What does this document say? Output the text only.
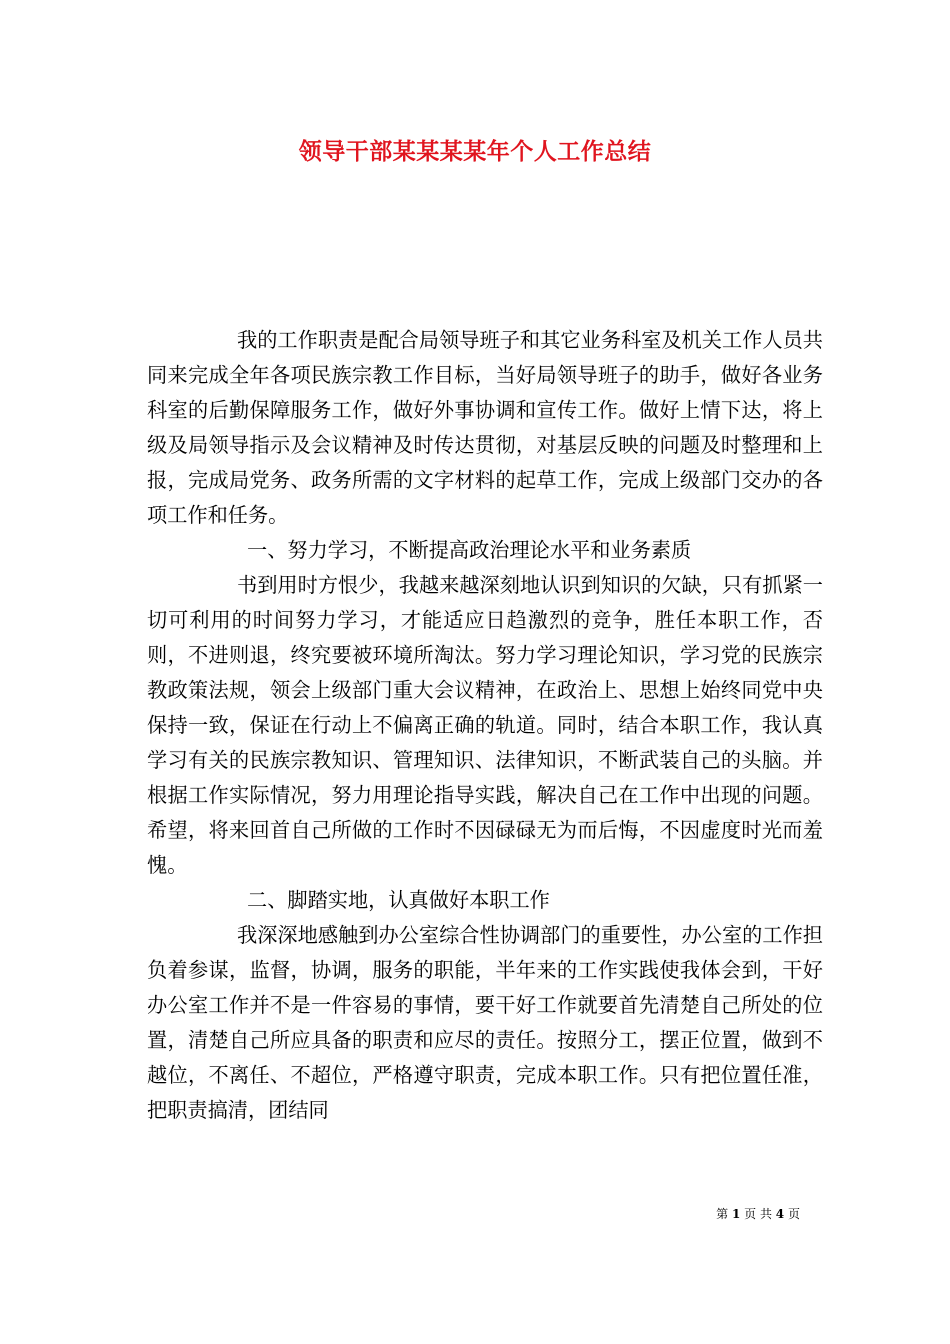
领导干部某某某某年个人工作总结

我的工作职责是配合局领导班子和其它业务科室及机关工作人员共同来完成全年各项民族宗教工作目标，当好局领导班子的助手，做好各业务科室的后勤保障服务工作，做好外事协调和宣传工作。做好上情下达，将上级及局领导指示及会议精神及时传达贯彻，对基层反映的问题及时整理和上报，完成局党务、政务所需的文字材料的起草工作，完成上级部门交办的各项工作和任务。

一、努力学习，不断提高政治理论水平和业务素质

书到用时方恨少，我越来越深刻地认识到知识的欠缺，只有抓紧一切可利用的时间努力学习，才能适应日趋激烈的竞争，胜任本职工作，否则，不进则退，终究要被环境所淘汰。努力学习理论知识，学习党的民族宗教政策法规，领会上级部门重大会议精神，在政治上、思想上始终同党中央保持一致，保证在行动上不偏离正确的轨道。同时，结合本职工作，我认真学习有关的民族宗教知识、管理知识、法律知识，不断武装自己的头脑。并根据工作实际情况，努力用理论指导实践，解决自己在工作中出现的问题。希望，将来回首自己所做的工作时不因碌碌无为而后悔，不因虚度时光而羞愧。

二、脚踏实地，认真做好本职工作

我深深地感触到办公室综合性协调部门的重要性，办公室的工作担负着参谋，监督，协调，服务的职能，半年来的工作实践使我体会到，干好办公室工作并不是一件容易的事情，要干好工作就要首先清楚自己所处的位置，清楚自己所应具备的职责和应尽的责任。按照分工，摆正位置，做到不越位，不离任、不超位，严格遵守职责，完成本职工作。只有把位置任准，把职责搞清，团结同

第 1 页 共 4 页
